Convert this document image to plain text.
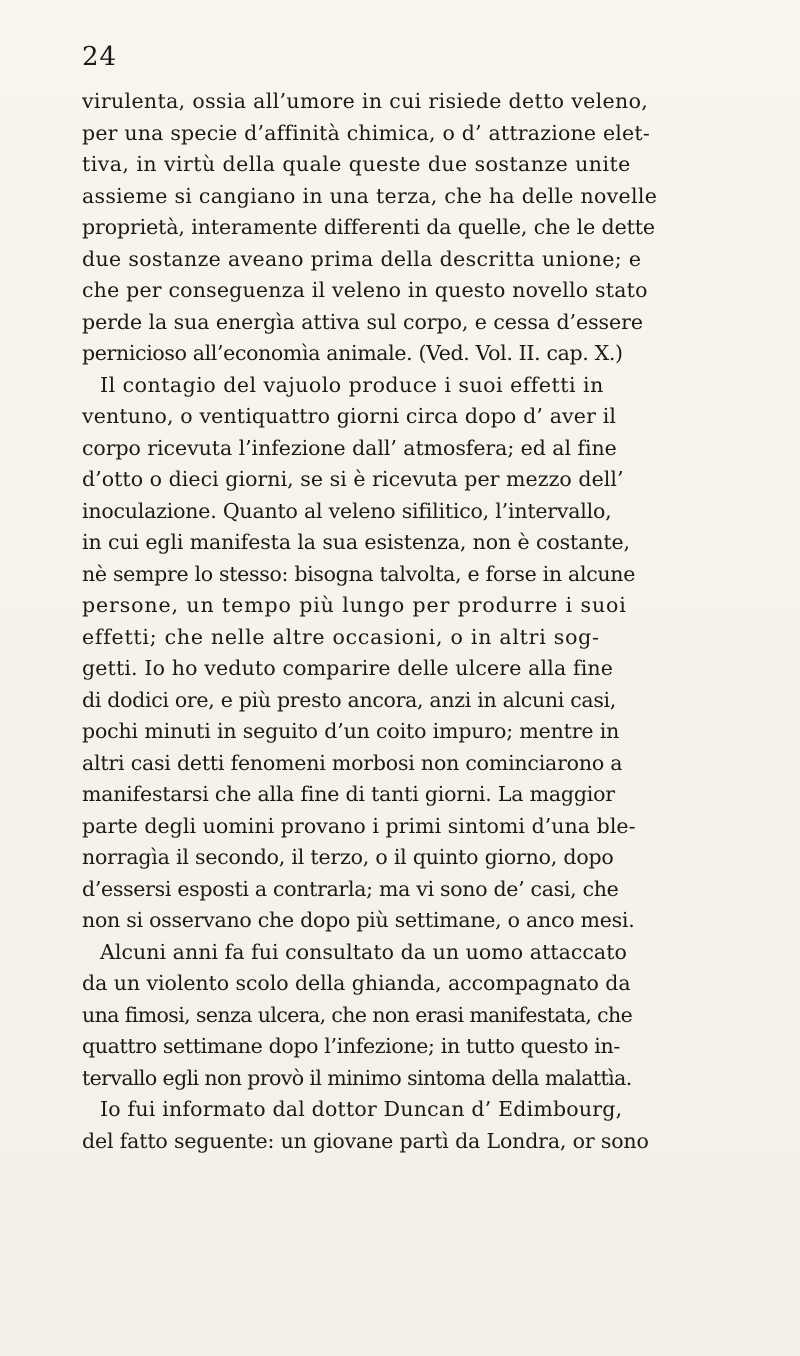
24
virulenta, ossia all’umore in cui risiede detto veleno,
per una specie d’affinità chimica, o d’ attrazione elet-
tiva, in virtù della quale queste due sostanze unite
assieme si cangiano in una terza, che ha delle novelle
proprietà, interamente differenti da quelle, che le dette
due sostanze aveano prima della descritta unione; e
che per conseguenza il veleno in questo novello stato
perde la sua energìa attiva sul corpo, e cessa d’essere
pernicioso all’economìa animale. (Ved. Vol. II. cap. X.)
Il contagio del vajuolo produce i suoi effetti in
ventuno, o ventiquattro giorni circa dopo d’ aver il
corpo ricevuta l’infezione dall’ atmosfera; ed al fine
d’otto o dieci giorni, se si è ricevuta per mezzo dell’
inoculazione. Quanto al veleno sifilitico, l’intervallo,
in cui egli manifesta la sua esistenza, non è costante,
nè sempre lo stesso: bisogna talvolta, e forse in alcune
persone, un tempo più lungo per produrre i suoi
effetti; che nelle altre occasioni, o in altri sog-
getti. Io ho veduto comparire delle ulcere alla fine
di dodici ore, e più presto ancora, anzi in alcuni casi,
pochi minuti in seguito d’un coito impuro; mentre in
altri casi detti fenomeni morbosi non cominciarono a
manifestarsi che alla fine di tanti giorni. La maggior
parte degli uomini provano i primi sintomi d’una ble-
norragìa il secondo, il terzo, o il quinto giorno, dopo
d’essersi esposti a contrarla; ma vi sono de’ casi, che
non si osservano che dopo più settimane, o anco mesi.
Alcuni anni fa fui consultato da un uomo attaccato
da un violento scolo della ghianda, accompagnato da
una fimosi, senza ulcera, che non erasi manifestata, che
quattro settimane dopo l’infezione; in tutto questo in-
tervallo egli non provò il minimo sintoma della malattìa.
Io fui informato dal dottor Duncan d’ Edimbourg,
del fatto seguente: un giovane partì da Londra, or sono
